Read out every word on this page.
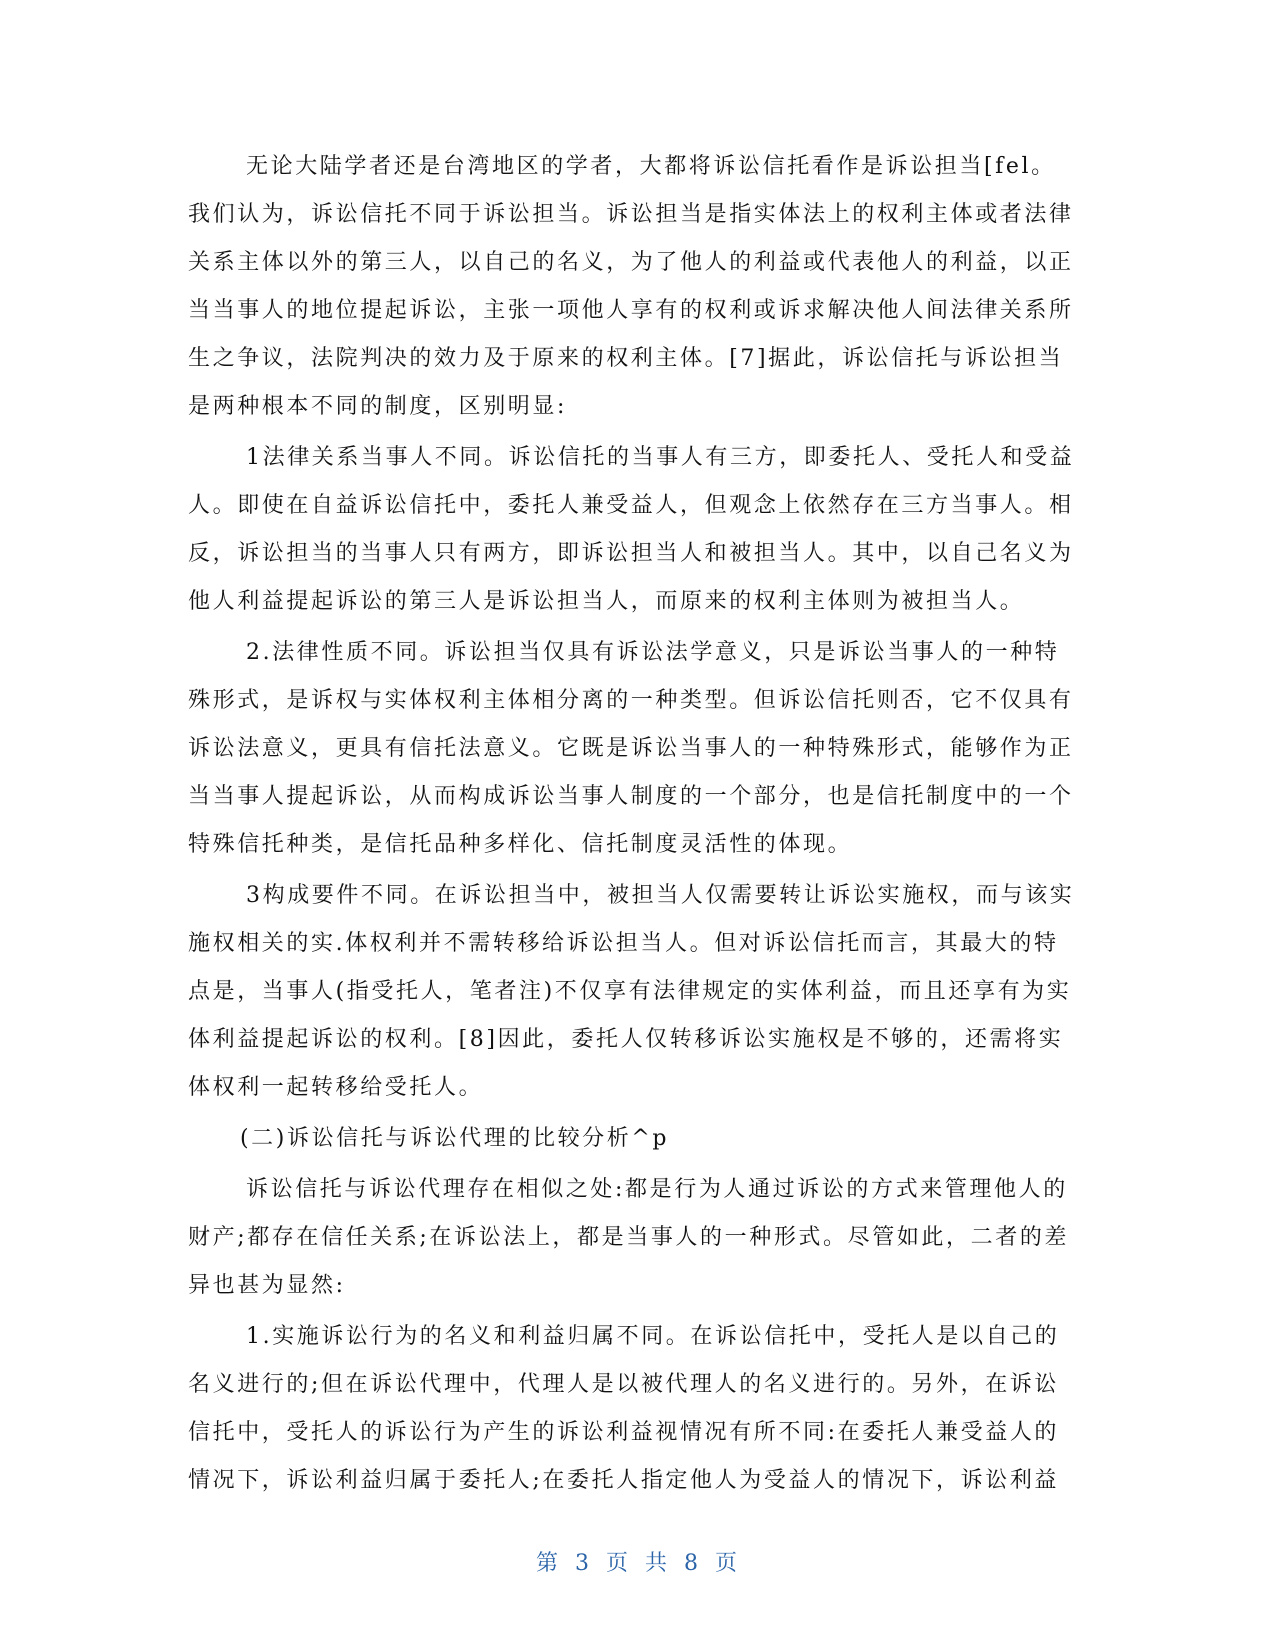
无论大陆学者还是台湾地区的学者，大都将诉讼信托看作是诉讼担当[fel。
我们认为，诉讼信托不同于诉讼担当。诉讼担当是指实体法上的权利主体或者法律
关系主体以外的第三人，以自己的名义，为了他人的利益或代表他人的利益，以正
当当事人的地位提起诉讼，主张一项他人享有的权利或诉求解决他人间法律关系所
生之争议，法院判决的效力及于原来的权利主体。[7]据此，诉讼信托与诉讼担当
是两种根本不同的制度，区别明显:

1法律关系当事人不同。诉讼信托的当事人有三方，即委托人、受托人和受益
人。即使在自益诉讼信托中，委托人兼受益人，但观念上依然存在三方当事人。相
反，诉讼担当的当事人只有两方，即诉讼担当人和被担当人。其中，以自己名义为
他人利益提起诉讼的第三人是诉讼担当人，而原来的权利主体则为被担当人。

2.法律性质不同。诉讼担当仅具有诉讼法学意义，只是诉讼当事人的一种特
殊形式，是诉权与实体权利主体相分离的一种类型。但诉讼信托则否，它不仅具有
诉讼法意义，更具有信托法意义。它既是诉讼当事人的一种特殊形式，能够作为正
当当事人提起诉讼，从而构成诉讼当事人制度的一个部分，也是信托制度中的一个
特殊信托种类，是信托品种多样化、信托制度灵活性的体现。

3构成要件不同。在诉讼担当中，被担当人仅需要转让诉讼实施权，而与该实
施权相关的实.体权利并不需转移给诉讼担当人。但对诉讼信托而言，其最大的特
点是，当事人(指受托人，笔者注)不仅享有法律规定的实体利益，而且还享有为实
体利益提起诉讼的权利。[8]因此，委托人仅转移诉讼实施权是不够的，还需将实
体权利一起转移给受托人。

(二)诉讼信托与诉讼代理的比较分析^p

诉讼信托与诉讼代理存在相似之处:都是行为人通过诉讼的方式来管理他人的
财产;都存在信任关系;在诉讼法上，都是当事人的一种形式。尽管如此，二者的差
异也甚为显然:

1.实施诉讼行为的名义和利益归属不同。在诉讼信托中，受托人是以自己的
名义进行的;但在诉讼代理中，代理人是以被代理人的名义进行的。另外，在诉讼
信托中，受托人的诉讼行为产生的诉讼利益视情况有所不同:在委托人兼受益人的
情况下，诉讼利益归属于委托人;在委托人指定他人为受益人的情况下，诉讼利益

第 3 页 共 8 页
